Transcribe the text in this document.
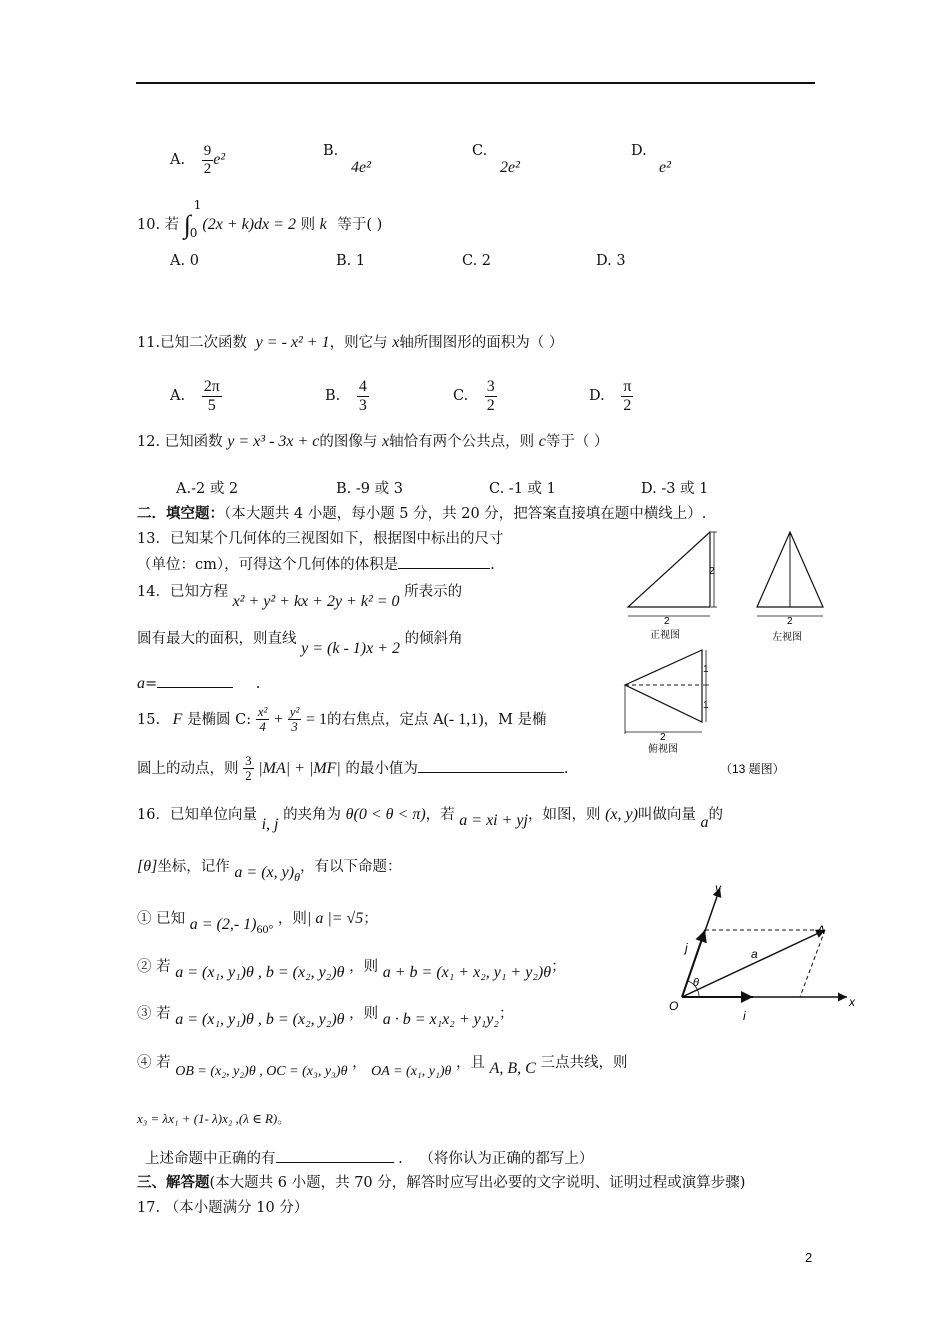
A. $\frac{9}{2} e^2$	B.
4e²
C.
2e²
D.
e²
10. 若 ∫
1
0 (2x + k)dx = 2 则 k 等于( )
A. 0	B. 1	C. 2	D. 3
11.已知二次函数 y = - x² + 1，则它与 x轴所围图形的面积为（ ）
A. $\frac{2\pi}{5}$	B. $\frac{4}{3}$	C. $\frac{3}{2}$	D. $\frac{\pi}{2}$
12. 已知函数 y = x³ - 3x + c的图像与 x轴恰有两个公共点，则 c等于（ ）
A.-2 或 2	B. -9 或 3	C. -1 或 1	D. -3 或 1
二．填空题：（本大题共 4 小题，每小题 5 分，共 20 分，把答案直接填在题中横线上）.
13．已知某个几何体的三视图如下，根据图中标出的尺寸
（单位：cm），可得这个几何体的体积是	.
14．已知方程 x² + y² + kx + 2y + k² = 0 所表示的
圆有最大的面积，则直线 y = (k - 1)x + 2 的倾斜角
a=	.
15. F 是椭圆 C: $\frac{\text{x²}}{4} + \frac{\text{y²}}{3} = 1$的右焦点，定点 A(- 1,1)，M 是椭
圆上的动点，则 $\frac{3}{2} |MA| + |MF|$ 的最小值为	.
2
2
正视图
2
左视图
1
1
2
俯视图
（13 题图）
16．已知单位向量 i, j 的夹角为 θ(0 < θ < π)，若 a = xi + yj，如图，则 (x, y)叫做向量 a的
[θ]坐标，记作 a = (x, $y)_\theta$，有以下命题：
① 已知 a = (2,- $1)_{60^\circ}$ ，则| a |= √5；
② 若 a = (x₁, y₁)θ , b = (x₂, y₂)θ ，则 a + b = (x₁ + x₂, y₁ + y₂)θ；
③ 若 a = (x₁, y₁)θ , b = (x₂, y₂)θ ，则 a · b = x₁x₂ + y₁y₂；
④ 若 OB = (x₂, y₂)θ , OC = (x₃, y₃)θ ， OA = (x₁, y₁)θ ，且 A, B, C 三点共线，则
x₃ = λx₁ + (1- λ)x₂ ,(λ ∈ R)。
上述命题中正确的有	. （将你认为正确的都写上）
y
x
O
A
a
i
j
θ
三、解答题(本大题共 6 小题，共 70 分，解答时应写出必要的文字说明、证明过程或演算步骤)
17. （本小题满分 10 分）
2
